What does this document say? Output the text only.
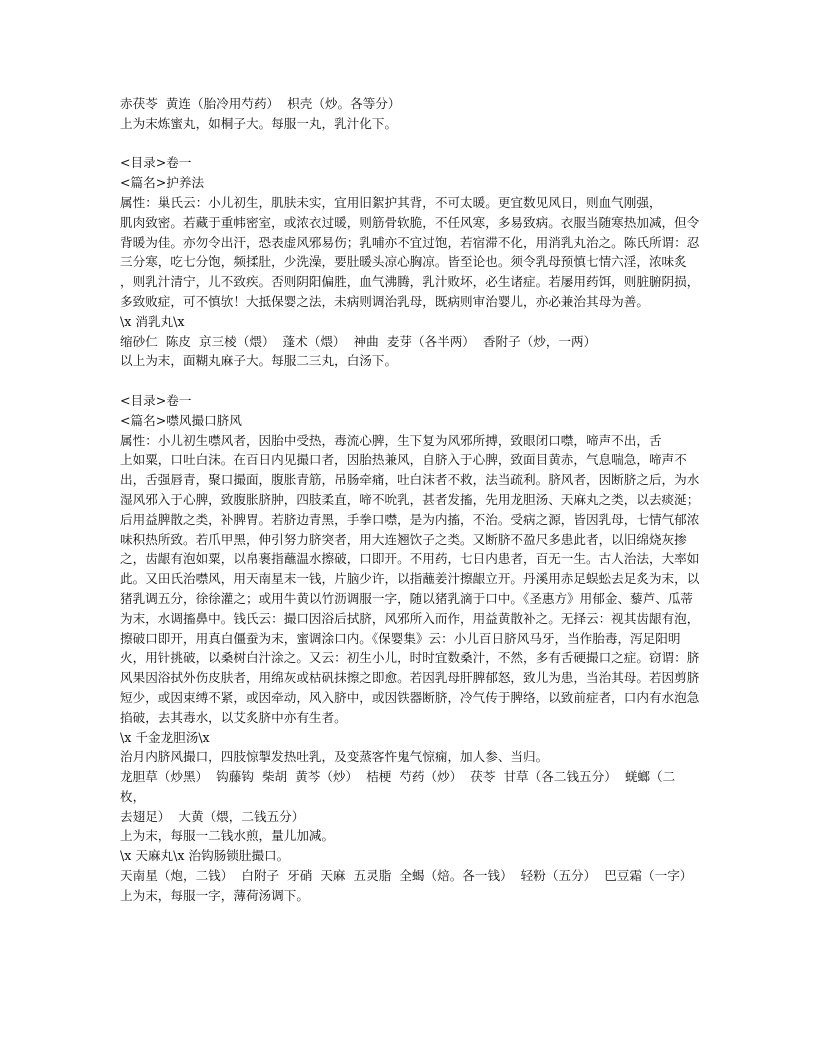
赤茯苓  黄连（胎冷用芍药）  枳壳（炒。各等分）

上为末炼蜜丸，如桐子大。每服一丸，乳汁化下。

<目录>卷一

<篇名>护养法

属性：巢氏云：小儿初生，肌肤未实，宜用旧絮护其背，不可太暖。更宜数见风日，则血气刚强，

肌肉致密。若藏于重帏密室，或浓衣过暖，则筋骨软脆，不任风寒，多易致病。衣服当随寒热加减，但令背暖为佳。亦勿令出汗，恐表虚风邪易伤；乳哺亦不宜过饱，若宿滞不化，用消乳丸治之。陈氏所谓：忍三分寒，吃七分饱，频揉肚，少洗澡，要肚暖头凉心胸凉。皆至论也。须令乳母预慎七情六淫，浓味炙 ，则乳汁清宁，儿不致疾。否则阴阳偏胜，血气沸腾，乳汁败坏，必生诸症。若屡用药饵，则脏腑阴损，多致败症，可不慎欤！大抵保婴之法，未病则调治乳母，既病则审治婴儿，亦必兼治其母为善。

\x 消乳丸\x

缩砂仁  陈皮  京三棱（煨）  蓬术（煨）  神曲  麦芽（各半两）  香附子（炒，一两）

以上为末，面糊丸麻子大。每服二三丸，白汤下。

<目录>卷一

<篇名>噤风撮口脐风

属性：小儿初生噤风者，因胎中受热，毒流心脾，生下复为风邪所搏，致眼闭口噤，啼声不出，舌

上如粟，口吐白沫。在百日内见撮口者，因胎热兼风，自脐入于心脾，致面目黄赤，气息喘急，啼声不出，舌强唇青，聚口撮面，腹胀青筋，吊肠牵痛，吐白沫者不救，法当疏利。脐风者，因断脐之后，为水湿风邪入于心脾，致腹胀脐肿，四肢柔直，啼不吮乳，甚者发搐，先用龙胆汤、天麻丸之类，以去痰涎；后用益脾散之类，补脾胃。若脐边青黑，手拳口噤，是为内搐，不治。受病之源，皆因乳母，七情气郁浓味积热所致。若爪甲黑，伸引努力脐突者，用大连翘饮子之类。又断脐不盈尺多患此者，以旧绵烧灰掺之，齿龈有泡如粟，以帛裹指蘸温水擦破，口即开。不用药，七日内患者，百无一生。古人治法，大率如此。又田氏治噤风，用天南星末一钱，片脑少许，以指蘸姜汁擦龈立开。丹溪用赤足蜈蚣去足炙为末，以猪乳调五分，徐徐灌之；或用牛黄以竹沥调服一字，随以猪乳滴于口中。《圣惠方》用郁金、藜芦、瓜蒂为末，水调搐鼻中。钱氏云：撮口因浴后拭脐，风邪所入而作，用益黄散补之。无择云：视其齿龈有泡，擦破口即开，用真白僵蚕为末，蜜调涂口内。《保婴集》云：小儿百日脐风马牙，当作胎毒，泻足阳明火，用针挑破，以桑树白汁涂之。又云：初生小儿，时时宜数桑汁，不然，多有舌硬撮口之症。窃谓：脐风果因浴拭外伤皮肤者，用绵灰或枯矾抹擦之即愈。若因乳母肝脾郁怒，致儿为患，当治其母。若因剪脐短少，或因束缚不紧，或因牵动，风入脐中，或因铁器断脐，冷气传于脾络，以致前症者，口内有水泡急掐破，去其毒水，以艾炙脐中亦有生者。

\x 千金龙胆汤\x

治月内脐风撮口，四肢惊掣发热吐乳，及变蒸客忤鬼气惊痫，加人参、当归。

龙胆草（炒黑）  钩藤钩  柴胡  黄芩（炒）  桔梗  芍药（炒）  茯苓  甘草（各二钱五分）  蜣螂（二枚，

去翅足）  大黄（煨，二钱五分）

上为末，每服一二钱水煎，量儿加减。

\x 天麻丸\x 治钩肠锁肚撮口。

天南星（炮，二钱）  白附子  牙硝  天麻  五灵脂  全蝎（焙。各一钱）  轻粉（五分）  巴豆霜（一字）

上为末，每服一字，薄荷汤调下。
